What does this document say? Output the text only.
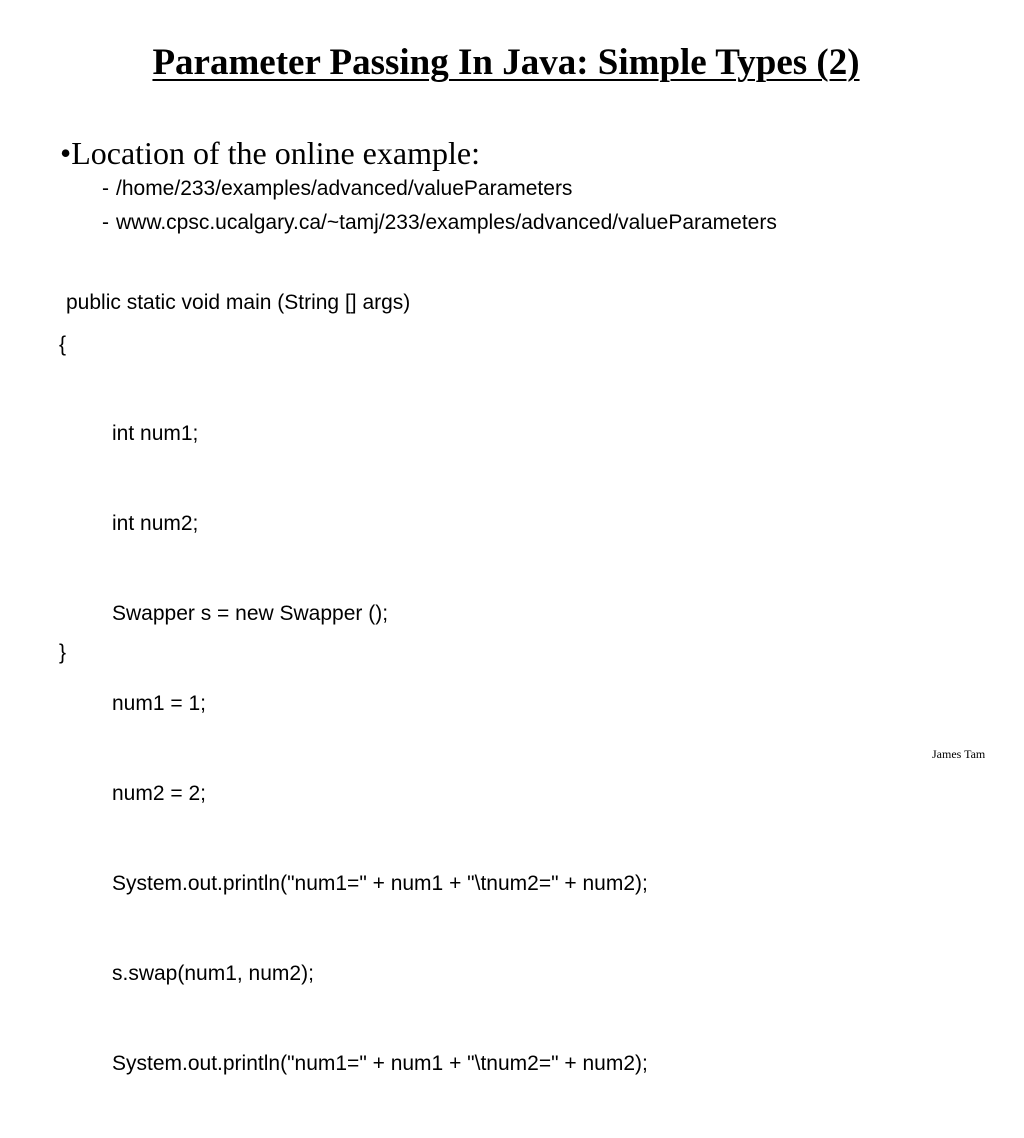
Parameter Passing In Java: Simple Types (2)
•Location of the online example:
- /home/233/examples/advanced/valueParameters
- www.cpsc.ucalgary.ca/~tamj/233/examples/advanced/valueParameters
public static void main (String [] args)
{

int num1;

int num2;

Swapper s = new Swapper ();

num1 = 1;

num2 = 2;

System.out.println("num1=" + num1 + "\tnum2=" + num2);

s.swap(num1, num2);

System.out.println("num1=" + num1 + "\tnum2=" + num2);

}
James Tam
